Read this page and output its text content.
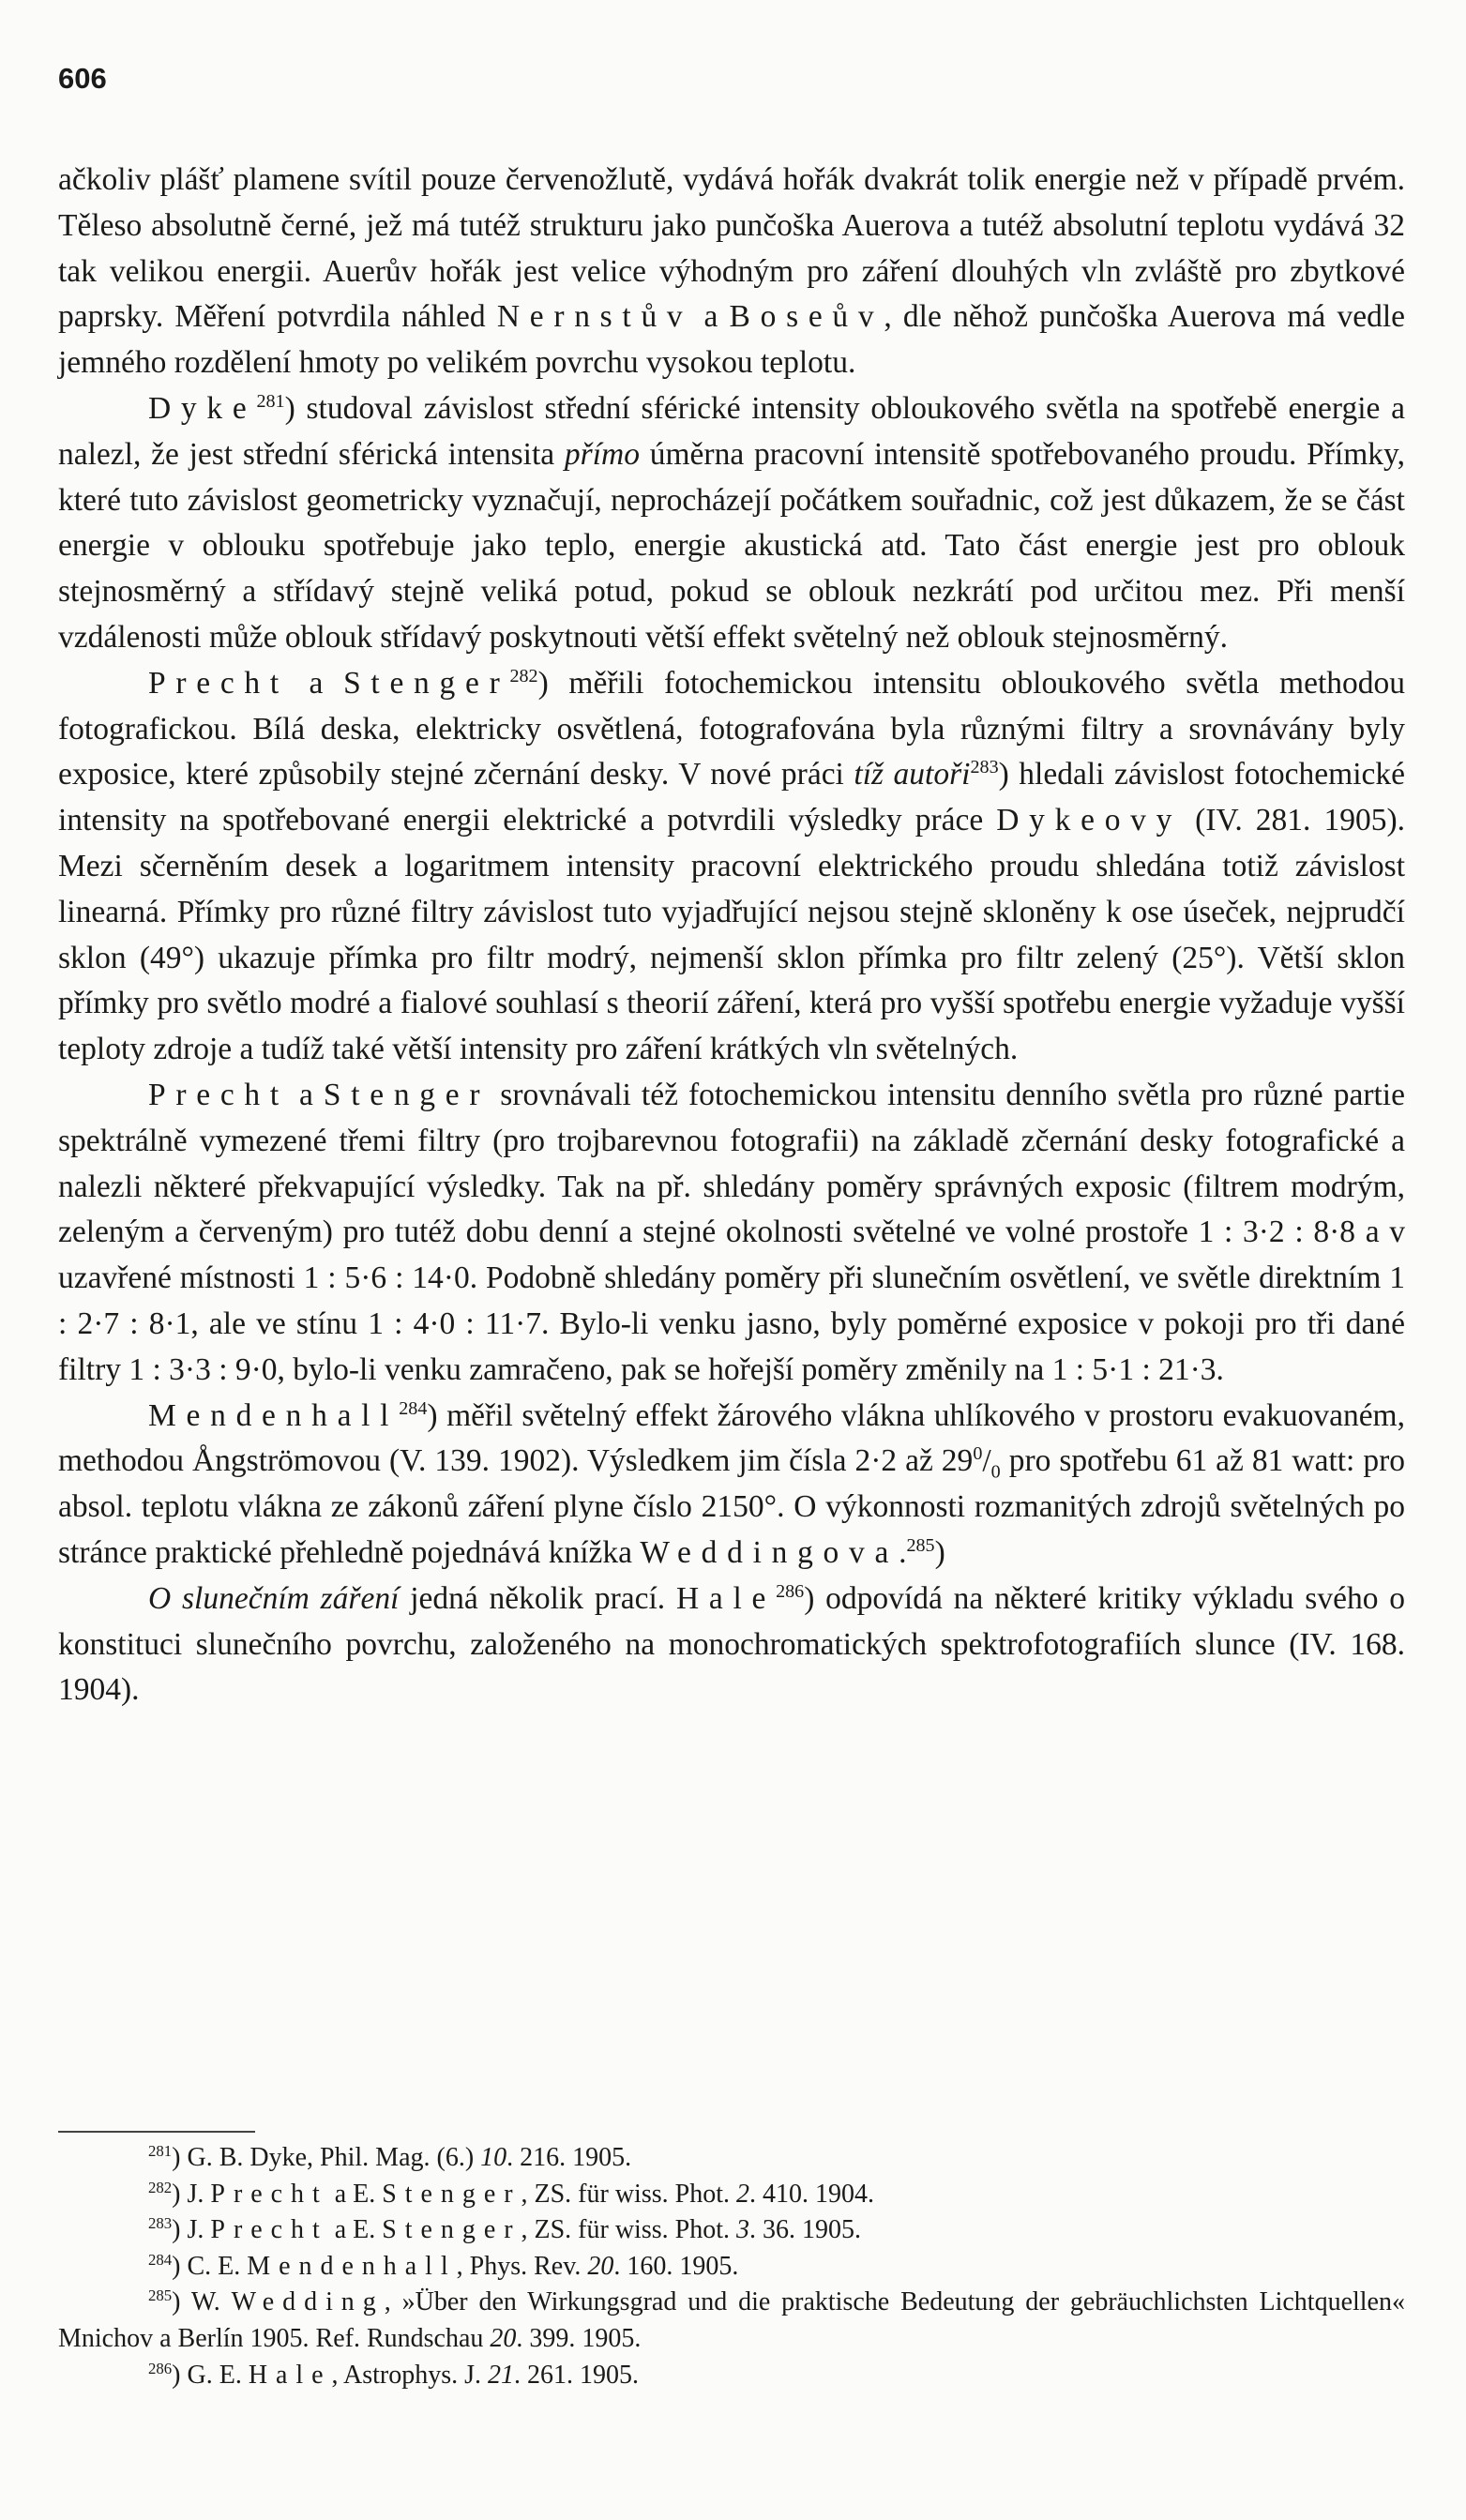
606

ačkoliv plášť plamene svítil pouze červenožlutě, vydává hořák dvakrát tolik energie než v případě prvém. Těleso absolutně černé, jež má tutéž strukturu jako punčoška Auerova a tutéž absolutní teplotu vydává 32 tak velikou energii. Auerův hořák jest velice výhodným pro záření dlouhých vln zvláště pro zbytkové paprsky. Měření potvrdila náhled Nernstův a Boseův, dle něhož punčoška Auerova má vedle jemného rozdělení hmoty po velikém povrchu vysokou teplotu.

Dyke$^{281}$) studoval závislost střední sférické intensity obloukového světla na spotřebě energie a nalezl, že jest střední sférická intensita přímo úměrna pracovní intensitě spotřebovaného proudu. Přímky, které tuto závislost geometricky vyznačují, neprocházejí počátkem souřadnic, což jest důkazem, že se část energie v oblouku spotřebuje jako teplo, energie akustická atd. Tato část energie jest pro oblouk stejnosměrný a střídavý stejně veliká potud, pokud se oblouk nezkrátí pod určitou mez. Při menší vzdálenosti může oblouk střídavý poskytnouti větší effekt světelný než oblouk stejnosměrný.

Precht a Stenger$^{282}$) měřili fotochemickou intensitu obloukového světla methodou fotografickou. Bílá deska, elektricky osvětlená, fotografována byla různými filtry a srovnávány byly exposice, které způsobily stejné zčernání desky. V nové práci tíž autoři$^{283}$) hledali závislost fotochemické intensity na spotřebované energii elektrické a potvrdili výsledky práce Dykeovy (IV. 281. 1905). Mezi sčerněním desek a logaritmem intensity pracovní elektrického proudu shledána totiž závislost linearná. Přímky pro různé filtry závislost tuto vyjadřující nejsou stejně skloněny k ose úseček, nejprudčí sklon (49°) ukazuje přímka pro filtr modrý, nejmenší sklon přímka pro filtr zelený (25°). Větší sklon přímky pro světlo modré a fialové souhlasí s theorií záření, která pro vyšší spotřebu energie vyžaduje vyšší teploty zdroje a tudíž také větší intensity pro záření krátkých vln světelných.

Precht a Stenger srovnávali též fotochemickou intensitu denního světla pro různé partie spektrálně vymezené třemi filtry (pro trojbarevnou fotografii) na základě zčernání desky fotografické a nalezli některé překvapující výsledky. Tak na př. shledány poměry správných exposic (filtrem modrým, zeleným a červeným) pro tutéž dobu denní a stejné okolnosti světelné ve volné prostoře 1 : 3·2 : 8·8 a v uzavřené místnosti 1 : 5·6 : 14·0. Podobně shledány poměry při slunečním osvětlení, ve světle direktním 1 : 2·7 : 8·1, ale ve stínu 1 : 4·0 : 11·7. Bylo-li venku jasno, byly poměrné exposice v pokoji pro tři dané filtry 1 : 3·3 : 9·0, bylo-li venku zamračeno, pak se hořejší poměry změnily na 1 : 5·1 : 21·3.

Mendenhall$^{284}$) měřil světelný effekt žárového vlákna uhlíkového v prostoru evakuovaném, methodou Ångströmovou (V. 139. 1902). Výsledkem jim čísla 2·2 až $29^0/_0$ pro spotřebu 61 až 81 watt: pro absol. teplotu vlákna ze zákonů záření plyne číslo 2150°. O výkonnosti rozmanitých zdrojů světelných po stránce praktické přehledně pojednává knížka Weddingova.$^{285}$)

O slunečním záření jedná několik prací. Hale$^{286}$) odpovídá na některé kritiky výkladu svého o konstituci slunečního povrchu, založeného na monochromatických spektrofotografiích slunce (IV. 168. 1904).

$^{281}$) G. B. Dyke, Phil. Mag. (6.) 10. 216. 1905.

$^{282}$) J. Precht a E. Stenger, ZS. für wiss. Phot. 2. 410. 1904.

$^{283}$) J. Precht a E. Stenger, ZS. für wiss. Phot. 3. 36. 1905.

$^{284}$) C. E. Mendenhall, Phys. Rev. 20. 160. 1905.

$^{285}$) W. Wedding, »Über den Wirkungsgrad und die praktische Bedeutung der gebräuchlichsten Lichtquellen« Mnichov a Berlín 1905. Ref. Rundschau 20. 399. 1905.

$^{286}$) G. E. Hale, Astrophys. J. 21. 261. 1905.
